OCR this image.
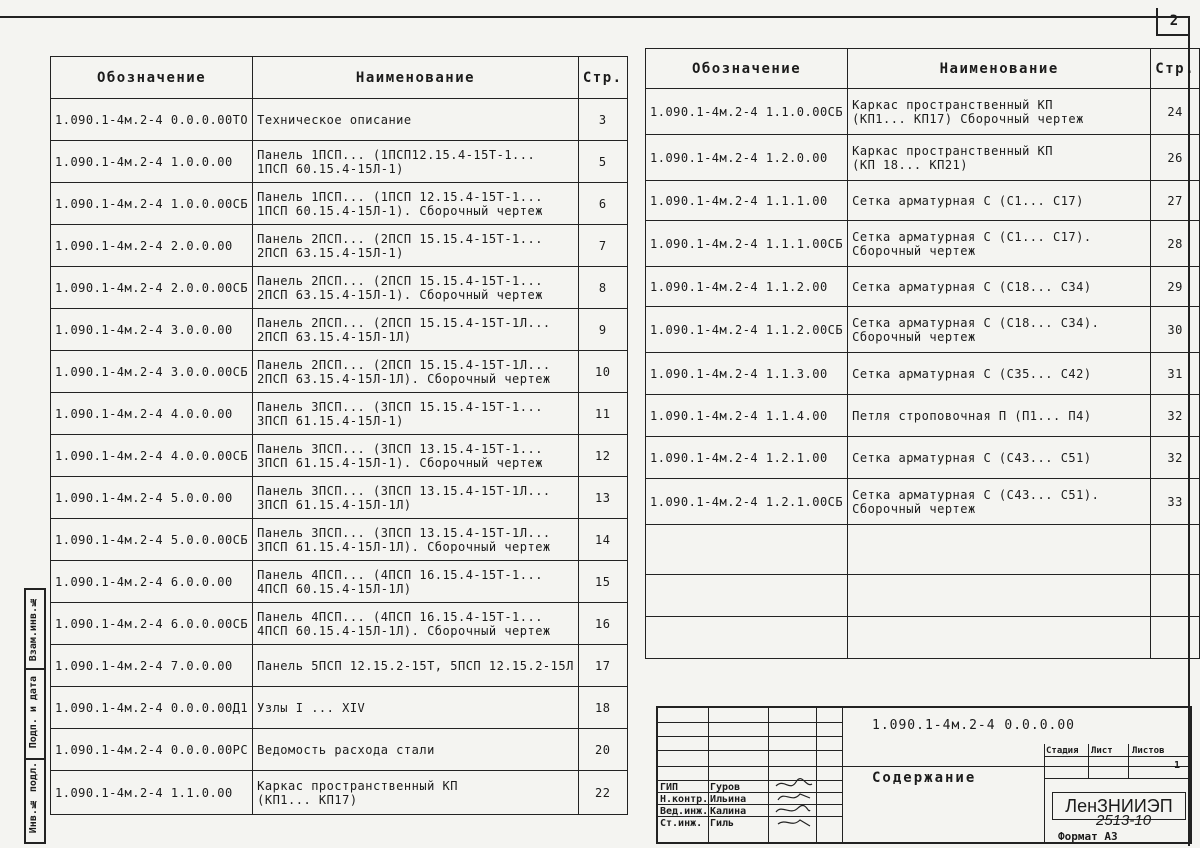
2
Обозначение	Наименование	Стр.
1.090.1-4м.2-4 0.0.0.00ТО	Техническое описание	3
1.090.1-4м.2-4 1.0.0.00	Панель 1ПСП... (1ПСП12.15.4-15Т-1...
1ПСП 60.15.4-15Л-1)	5
1.090.1-4м.2-4 1.0.0.00СБ	Панель 1ПСП... (1ПСП 12.15.4-15Т-1...
1ПСП 60.15.4-15Л-1). Сборочный чертеж	6
1.090.1-4м.2-4 2.0.0.00	Панель 2ПСП... (2ПСП 15.15.4-15Т-1...
2ПСП 63.15.4-15Л-1)	7
1.090.1-4м.2-4 2.0.0.00СБ	Панель 2ПСП... (2ПСП 15.15.4-15Т-1...
2ПСП 63.15.4-15Л-1). Сборочный чертеж	8
1.090.1-4м.2-4 3.0.0.00	Панель 2ПСП... (2ПСП 15.15.4-15Т-1Л...
2ПСП 63.15.4-15Л-1Л)	9
1.090.1-4м.2-4 3.0.0.00СБ	Панель 2ПСП... (2ПСП 15.15.4-15Т-1Л...
2ПСП 63.15.4-15Л-1Л). Сборочный чертеж	10
1.090.1-4м.2-4 4.0.0.00	Панель 3ПСП... (3ПСП 15.15.4-15Т-1...
3ПСП 61.15.4-15Л-1)	11
1.090.1-4м.2-4 4.0.0.00СБ	Панель 3ПСП... (3ПСП 13.15.4-15Т-1...
3ПСП 61.15.4-15Л-1). Сборочный чертеж	12
1.090.1-4м.2-4 5.0.0.00	Панель 3ПСП... (3ПСП 13.15.4-15Т-1Л...
3ПСП 61.15.4-15Л-1Л)	13
1.090.1-4м.2-4 5.0.0.00СБ	Панель 3ПСП... (3ПСП 13.15.4-15Т-1Л...
3ПСП 61.15.4-15Л-1Л). Сборочный чертеж	14
1.090.1-4м.2-4 6.0.0.00	Панель 4ПСП... (4ПСП 16.15.4-15Т-1...
4ПСП 60.15.4-15Л-1Л)	15
1.090.1-4м.2-4 6.0.0.00СБ	Панель 4ПСП... (4ПСП 16.15.4-15Т-1...
4ПСП 60.15.4-15Л-1Л). Сборочный чертеж	16
1.090.1-4м.2-4 7.0.0.00	Панель 5ПСП 12.15.2-15Т, 5ПСП 12.15.2-15Л	17
1.090.1-4м.2-4 0.0.0.00Д1	Узлы I ... XIV	18
1.090.1-4м.2-4 0.0.0.00РС	Ведомость расхода стали	20
1.090.1-4м.2-4 1.1.0.00	Каркас пространственный КП
(КП1... КП17)	22
Обозначение	Наименование	Стр.
1.090.1-4м.2-4 1.1.0.00СБ	Каркас пространственный КП
(КП1... КП17) Сборочный чертеж	24
1.090.1-4м.2-4 1.2.0.00	Каркас пространственный КП
(КП 18... КП21)	26
1.090.1-4м.2-4 1.1.1.00	Сетка арматурная С (С1... С17)	27
1.090.1-4м.2-4 1.1.1.00СБ	Сетка арматурная С (С1... С17).
Сборочный чертеж	28
1.090.1-4м.2-4 1.1.2.00	Сетка арматурная С (С18... С34)	29
1.090.1-4м.2-4 1.1.2.00СБ	Сетка арматурная С (С18... С34).
Сборочный чертеж	30
1.090.1-4м.2-4 1.1.3.00	Сетка арматурная С (С35... С42)	31
1.090.1-4м.2-4 1.1.4.00	Петля строповочная П (П1... П4)	32
1.090.1-4м.2-4 1.2.1.00	Сетка арматурная С (С43... С51)	32
1.090.1-4м.2-4 1.2.1.00СБ	Сетка арматурная С (С43... С51).
Сборочный чертеж	33

Инв.№ подл.
Подп. и дата
Взам.инв.№
ГИП	Гуров
Н.контр. Ильина
Вед.инж. Калина
Ст.инж. Гиль
Стадия Лист Листов
1
1.090.1-4м.2-4 0.0.0.00
Содержание
ЛенЗНИИЭП
2513-10
Формат А3
